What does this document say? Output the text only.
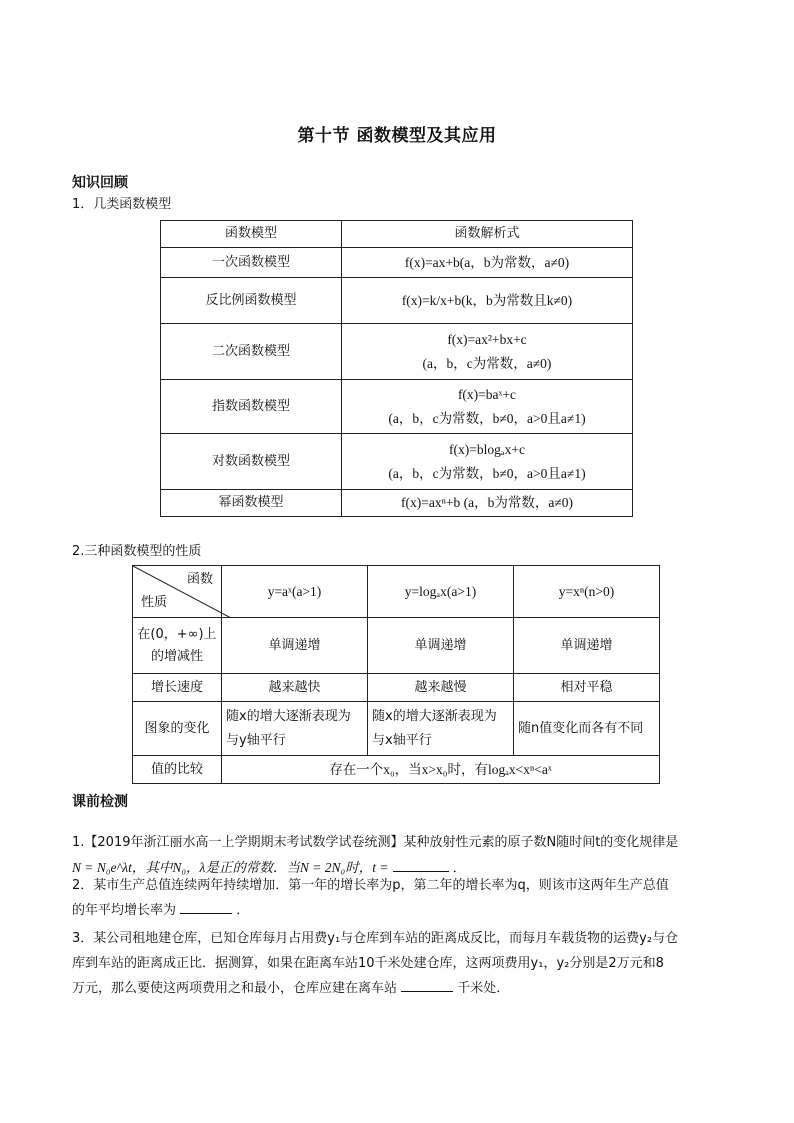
第十节 函数模型及其应用
知识回顾
1．几类函数模型
函数模型	函数解析式
一次函数模型	f(x)=ax+b(a，b为常数，a≠0)
反比例函数模型	f(x)=k/x+b(k，b为常数且k≠0)
二次函数模型	f(x)=ax²+bx+c
(a，b，c为常数，a≠0)

指数函数模型	f(x)=baˣ+c
(a，b，c为常数，b≠0，a>0且a≠1)

对数函数模型	f(x)=blogₐx+c
(a，b，c为常数，b≠0，a>0且a≠1)

幂函数模型	f(x)=axⁿ+b (a，b为常数，a≠0)
2.三种函数模型的性质
函数
性质	y=aˣ(a>1)	y=logₐx(a>1)	y=xⁿ(n>0)

在(0，+∞)上
的增减性	单调递增	单调递增	单调递增
增长速度	越来越快	越来越慢	相对平稳
图象的变化	随x的增大逐渐表现为与y轴平行	随x的增大逐渐表现为与x轴平行	随n值变化而各有不同
值的比较	存在一个x₀，当x>x₀时，有logₐx<xⁿ<aˣ		
课前检测
1.【2019年浙江丽水高一上学期期末考试数学试卷统测】某种放射性元素的原子数N随时间t的变化规律是
N = N₀e^λt，其中N₀，λ是正的常数．当N = 2N₀时，t =	．
2．某市生产总值连续两年持续增加．第一年的增长率为p，第二年的增长率为q，则该市这两年生产总值
的年平均增长率为	．
3．某公司租地建仓库，已知仓库每月占用费y₁与仓库到车站的距离成反比，而每月车载货物的运费y₂与仓
库到车站的距离成正比．据测算，如果在距离车站10千米处建仓库，这两项费用y₁，y₂分别是2万元和8
万元，那么要使这两项费用之和最小，仓库应建在离车站	千米处．
